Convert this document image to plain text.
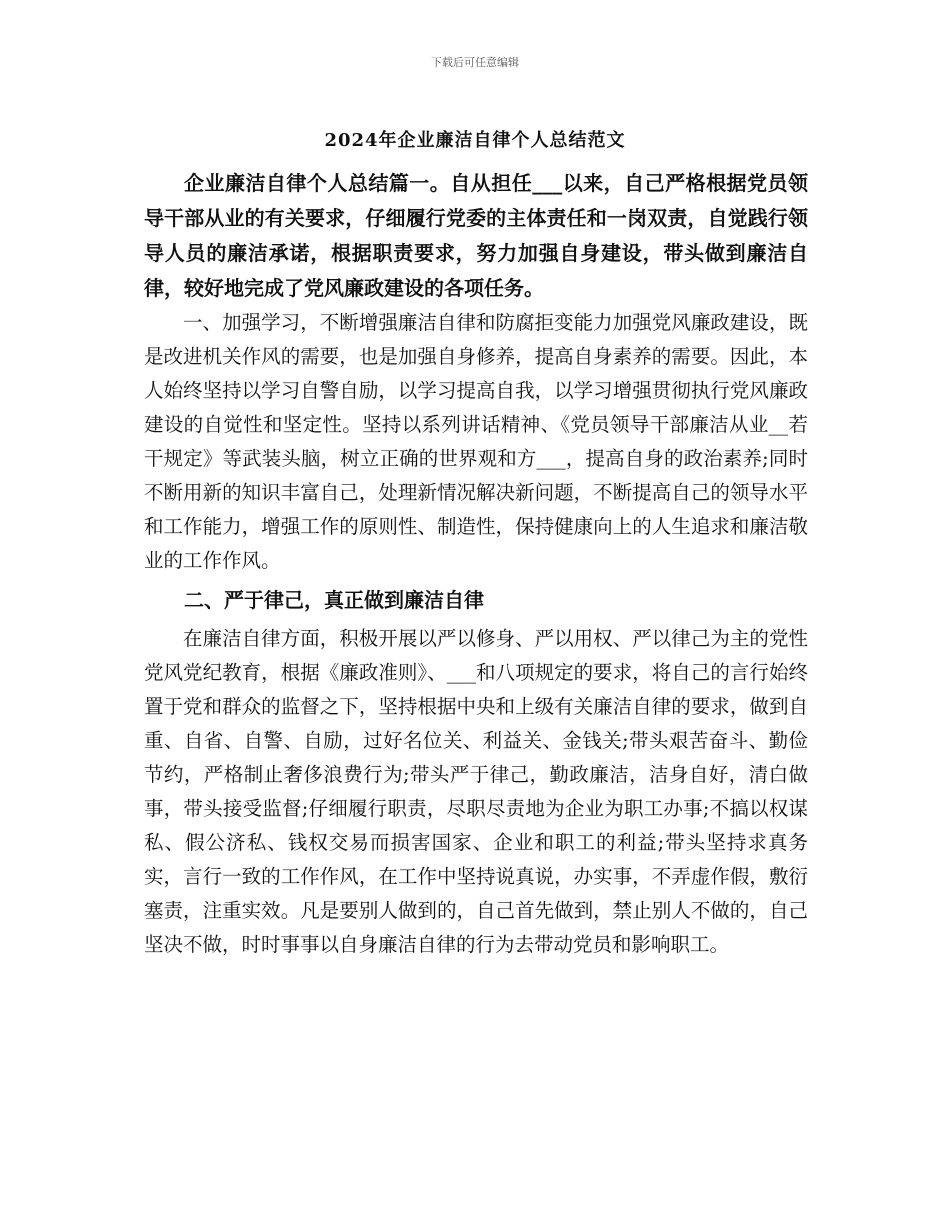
下载后可任意编辑
2024年企业廉洁自律个人总结范文

企业廉洁自律个人总结篇一。自从担任___以来，自己严格根据党员领导干部从业的有关要求，仔细履行党委的主体责任和一岗双责，自觉践行领导人员的廉洁承诺，根据职责要求，努力加强自身建设，带头做到廉洁自律，较好地完成了党风廉政建设的各项任务。

一、加强学习，不断增强廉洁自律和防腐拒变能力加强党风廉政建设，既是改进机关作风的需要，也是加强自身修养，提高自身素养的需要。因此，本人始终坚持以学习自警自励，以学习提高自我，以学习增强贯彻执行党风廉政建设的自觉性和坚定性。坚持以系列讲话精神、《党员领导干部廉洁从业__若干规定》等武装头脑，树立正确的世界观和方___，提高自身的政治素养;同时不断用新的知识丰富自己，处理新情况解决新问题，不断提高自己的领导水平和工作能力，增强工作的原则性、制造性，保持健康向上的人生追求和廉洁敬业的工作作风。

二、严于律己，真正做到廉洁自律

在廉洁自律方面，积极开展以严以修身、严以用权、严以律己为主的党性党风党纪教育，根据《廉政准则》、___和八项规定的要求，将自己的言行始终置于党和群众的监督之下，坚持根据中央和上级有关廉洁自律的要求，做到自重、自省、自警、自励，过好名位关、利益关、金钱关;带头艰苦奋斗、勤俭节约，严格制止奢侈浪费行为;带头严于律己，勤政廉洁，洁身自好，清白做事，带头接受监督;仔细履行职责，尽职尽责地为企业为职工办事;不搞以权谋私、假公济私、钱权交易而损害国家、企业和职工的利益;带头坚持求真务实，言行一致的工作作风，在工作中坚持说真说，办实事，不弄虚作假，敷衍塞责，注重实效。凡是要别人做到的，自己首先做到，禁止别人不做的，自己坚决不做，时时事事以自身廉洁自律的行为去带动党员和影响职工。
